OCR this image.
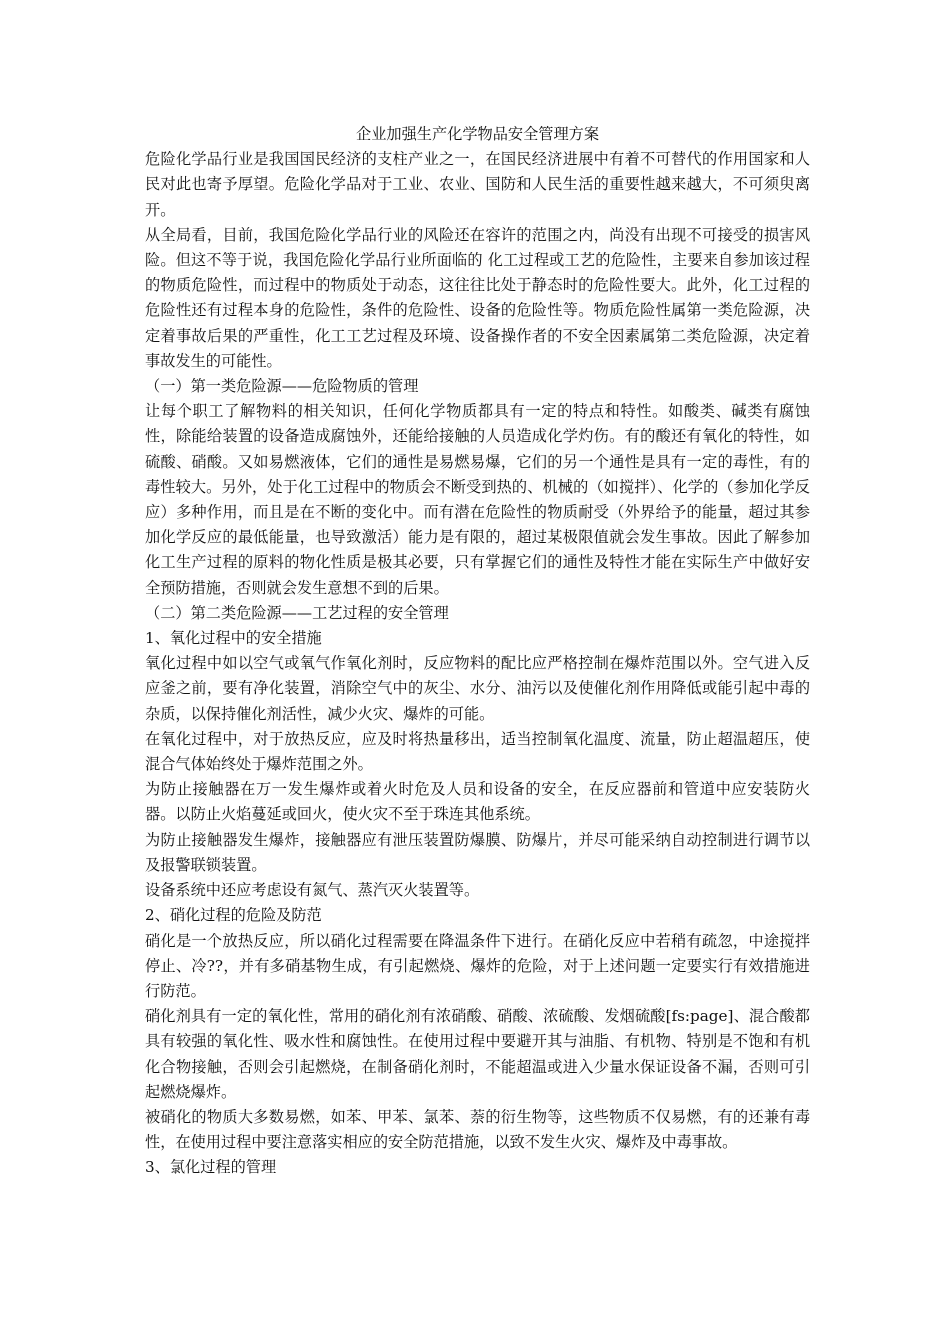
企业加强生产化学物品安全管理方案

危险化学品行业是我国国民经济的支柱产业之一，在国民经济进展中有着不可替代的作用国家和人民对此也寄予厚望。危险化学品对于工业、农业、国防和人民生活的重要性越来越大，不可须臾离开。

从全局看，目前，我国危险化学品行业的风险还在容许的范围之内，尚没有出现不可接受的损害风险。但这不等于说，我国危险化学品行业所面临的 化工过程或工艺的危险性，主要来自参加该过程的物质危险性，而过程中的物质处于动态，这往往比处于静态时的危险性要大。此外，化工过程的危险性还有过程本身的危险性，条件的危险性、设备的危险性等。物质危险性属第一类危险源，决定着事故后果的严重性，化工工艺过程及环境、设备操作者的不安全因素属第二类危险源，决定着事故发生的可能性。

（一）第一类危险源——危险物质的管理

让每个职工了解物料的相关知识，任何化学物质都具有一定的特点和特性。如酸类、碱类有腐蚀性，除能给装置的设备造成腐蚀外，还能给接触的人员造成化学灼伤。有的酸还有氧化的特性，如硫酸、硝酸。又如易燃液体，它们的通性是易燃易爆，它们的另一个通性是具有一定的毒性，有的毒性较大。另外，处于化工过程中的物质会不断受到热的、机械的（如搅拌）、化学的（参加化学反应）多种作用，而且是在不断的变化中。而有潜在危险性的物质耐受（外界给予的能量，超过其参加化学反应的最低能量，也导致激活）能力是有限的，超过某极限值就会发生事故。因此了解参加化工生产过程的原料的物化性质是极其必要，只有掌握它们的通性及特性才能在实际生产中做好安全预防措施，否则就会发生意想不到的后果。

（二）第二类危险源——工艺过程的安全管理

1、氧化过程中的安全措施

氧化过程中如以空气或氧气作氧化剂时，反应物料的配比应严格控制在爆炸范围以外。空气进入反应釜之前，要有净化装置，消除空气中的灰尘、水分、油污以及使催化剂作用降低或能引起中毒的杂质，以保持催化剂活性，减少火灾、爆炸的可能。

在氧化过程中，对于放热反应，应及时将热量移出，适当控制氧化温度、流量，防止超温超压，使混合气体始终处于爆炸范围之外。

为防止接触器在万一发生爆炸或着火时危及人员和设备的安全，在反应器前和管道中应安装防火器。以防止火焰蔓延或回火，使火灾不至于珠连其他系统。

为防止接触器发生爆炸，接触器应有泄压装置防爆膜、防爆片，并尽可能采纳自动控制进行调节以及报警联锁装置。

设备系统中还应考虑设有氮气、蒸汽灭火装置等。

2、硝化过程的危险及防范

硝化是一个放热反应，所以硝化过程需要在降温条件下进行。在硝化反应中若稍有疏忽，中途搅拌停止、冷??，并有多硝基物生成，有引起燃烧、爆炸的危险，对于上述问题一定要实行有效措施进行防范。

硝化剂具有一定的氧化性，常用的硝化剂有浓硝酸、硝酸、浓硫酸、发烟硫酸[fs:page]、混合酸都具有较强的氧化性、吸水性和腐蚀性。在使用过程中要避开其与油脂、有机物、特别是不饱和有机化合物接触，否则会引起燃烧，在制备硝化剂时，不能超温或进入少量水保证设备不漏，否则可引起燃烧爆炸。

被硝化的物质大多数易燃，如苯、甲苯、氯苯、萘的衍生物等，这些物质不仅易燃，有的还兼有毒性，在使用过程中要注意落实相应的安全防范措施，以致不发生火灾、爆炸及中毒事故。

3、氯化过程的管理
